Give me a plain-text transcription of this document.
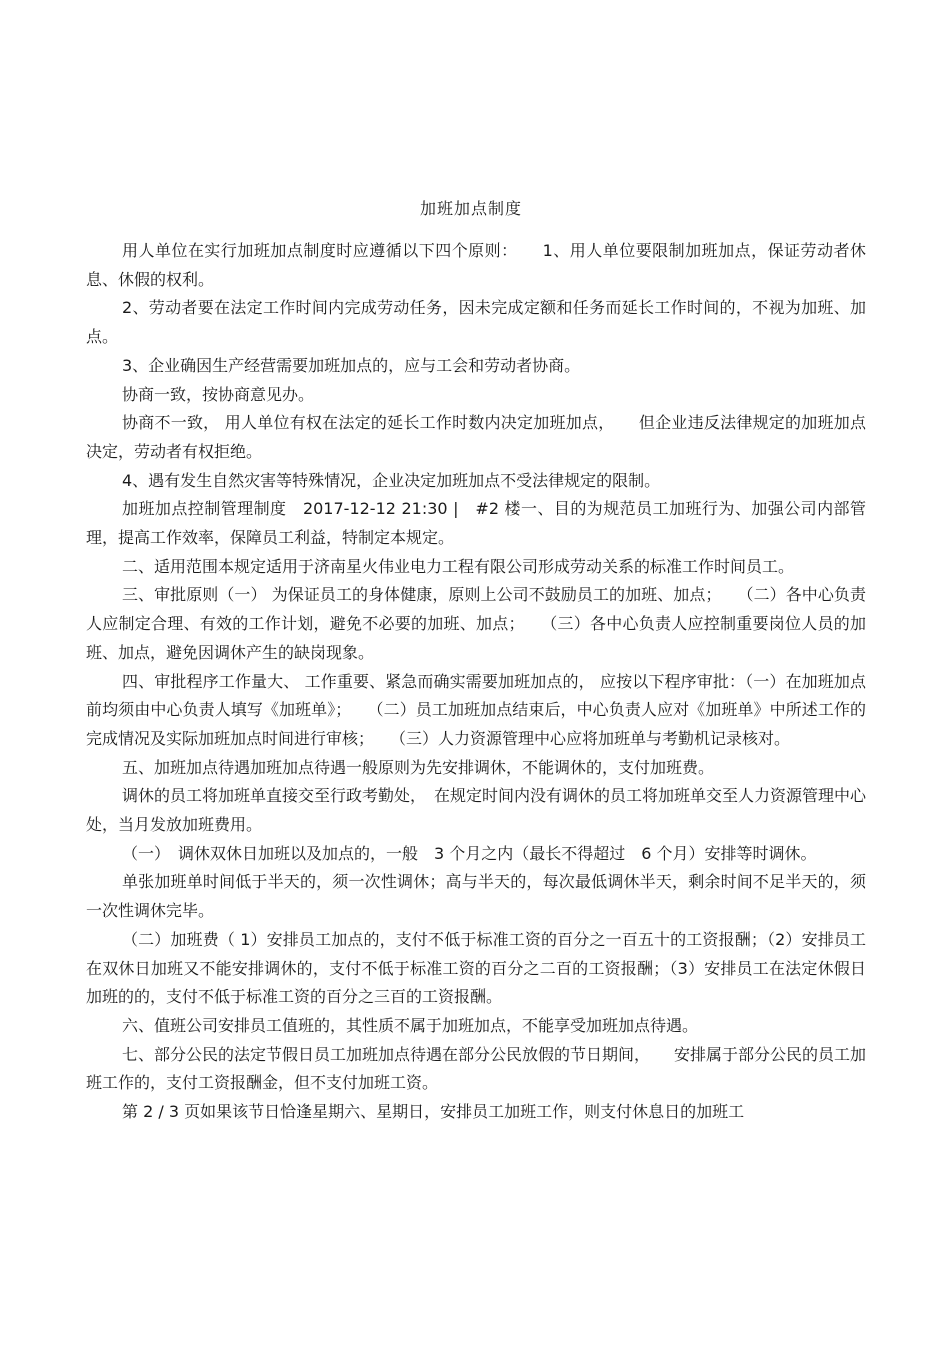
加班加点制度

用人单位在实行加班加点制度时应遵循以下四个原则：　　1、用人单位要限制加班加点，保证劳动者休息、休假的权利。

2、劳动者要在法定工作时间内完成劳动任务，因未完成定额和任务而延长工作时间的，不视为加班、加点。

3、企业确因生产经营需要加班加点的，应与工会和劳动者协商。

协商一致，按协商意见办。

协商不一致， 用人单位有权在法定的延长工作时数内决定加班加点，　　但企业违反法律规定的加班加点决定，劳动者有权拒绝。

4、遇有发生自然灾害等特殊情况，企业决定加班加点不受法律规定的限制。

加班加点控制管理制度　2017-12-12 21:30 |　#2 楼一、目的为规范员工加班行为、加强公司内部管理，提高工作效率，保障员工利益，特制定本规定。

二、适用范围本规定适用于济南星火伟业电力工程有限公司形成劳动关系的标准工作时间员工。

三、审批原则（一） 为保证员工的身体健康，原则上公司不鼓励员工的加班、加点；　　（二）各中心负责人应制定合理、有效的工作计划，避免不必要的加班、加点；　　（三）各中心负责人应控制重要岗位人员的加班、加点，避免因调休产生的缺岗现象。

四、审批程序工作量大、 工作重要、紧急而确实需要加班加点的， 应按以下程序审批：（一）在加班加点前均须由中心负责人填写《加班单》；　　（二）员工加班加点结束后，中心负责人应对《加班单》中所述工作的完成情况及实际加班加点时间进行审核；　　（三）人力资源管理中心应将加班单与考勤机记录核对。

五、加班加点待遇加班加点待遇一般原则为先安排调休，不能调休的，支付加班费。

调休的员工将加班单直接交至行政考勤处，　在规定时间内没有调休的员工将加班单交至人力资源管理中心处，当月发放加班费用。

（一）　调休双休日加班以及加点的，一般　3 个月之内（最长不得超过　6 个月）安排等时调休。

单张加班单时间低于半天的，须一次性调休；高与半天的，每次最低调休半天，剩余时间不足半天的，须一次性调休完毕。

（二）加班费（ 1）安排员工加点的，支付不低于标准工资的百分之一百五十的工资报酬；（2）安排员工在双休日加班又不能安排调休的，支付不低于标准工资的百分之二百的工资报酬；（3）安排员工在法定休假日加班的的，支付不低于标准工资的百分之三百的工资报酬。

六、值班公司安排员工值班的，其性质不属于加班加点，不能享受加班加点待遇。

七、部分公民的法定节假日员工加班加点待遇在部分公民放假的节日期间，　　安排属于部分公民的员工加班工作的，支付工资报酬金，但不支付加班工资。

第 2 / 3 页如果该节日恰逢星期六、星期日，安排员工加班工作，则支付休息日的加班工
